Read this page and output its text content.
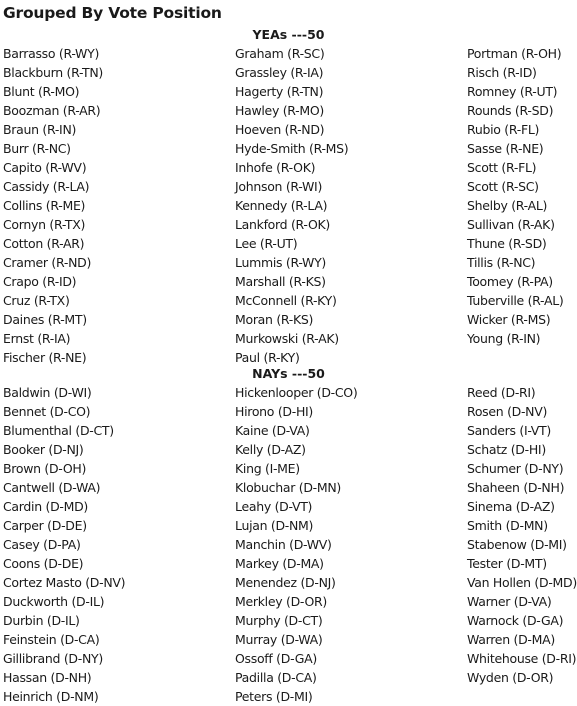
Grouped By Vote Position
YEAs ---50
Barrasso (R-WY)
Blackburn (R-TN)
Blunt (R-MO)
Boozman (R-AR)
Braun (R-IN)
Burr (R-NC)
Capito (R-WV)
Cassidy (R-LA)
Collins (R-ME)
Cornyn (R-TX)
Cotton (R-AR)
Cramer (R-ND)
Crapo (R-ID)
Cruz (R-TX)
Daines (R-MT)
Ernst (R-IA)
Fischer (R-NE)
Graham (R-SC)
Grassley (R-IA)
Hagerty (R-TN)
Hawley (R-MO)
Hoeven (R-ND)
Hyde-Smith (R-MS)
Inhofe (R-OK)
Johnson (R-WI)
Kennedy (R-LA)
Lankford (R-OK)
Lee (R-UT)
Lummis (R-WY)
Marshall (R-KS)
McConnell (R-KY)
Moran (R-KS)
Murkowski (R-AK)
Paul (R-KY)
Portman (R-OH)
Risch (R-ID)
Romney (R-UT)
Rounds (R-SD)
Rubio (R-FL)
Sasse (R-NE)
Scott (R-FL)
Scott (R-SC)
Shelby (R-AL)
Sullivan (R-AK)
Thune (R-SD)
Tillis (R-NC)
Toomey (R-PA)
Tuberville (R-AL)
Wicker (R-MS)
Young (R-IN)
NAYs ---50
Baldwin (D-WI)
Bennet (D-CO)
Blumenthal (D-CT)
Booker (D-NJ)
Brown (D-OH)
Cantwell (D-WA)
Cardin (D-MD)
Carper (D-DE)
Casey (D-PA)
Coons (D-DE)
Cortez Masto (D-NV)
Duckworth (D-IL)
Durbin (D-IL)
Feinstein (D-CA)
Gillibrand (D-NY)
Hassan (D-NH)
Heinrich (D-NM)
Hickenlooper (D-CO)
Hirono (D-HI)
Kaine (D-VA)
Kelly (D-AZ)
King (I-ME)
Klobuchar (D-MN)
Leahy (D-VT)
Lujan (D-NM)
Manchin (D-WV)
Markey (D-MA)
Menendez (D-NJ)
Merkley (D-OR)
Murphy (D-CT)
Murray (D-WA)
Ossoff (D-GA)
Padilla (D-CA)
Peters (D-MI)
Reed (D-RI)
Rosen (D-NV)
Sanders (I-VT)
Schatz (D-HI)
Schumer (D-NY)
Shaheen (D-NH)
Sinema (D-AZ)
Smith (D-MN)
Stabenow (D-MI)
Tester (D-MT)
Van Hollen (D-MD)
Warner (D-VA)
Warnock (D-GA)
Warren (D-MA)
Whitehouse (D-RI)
Wyden (D-OR)
